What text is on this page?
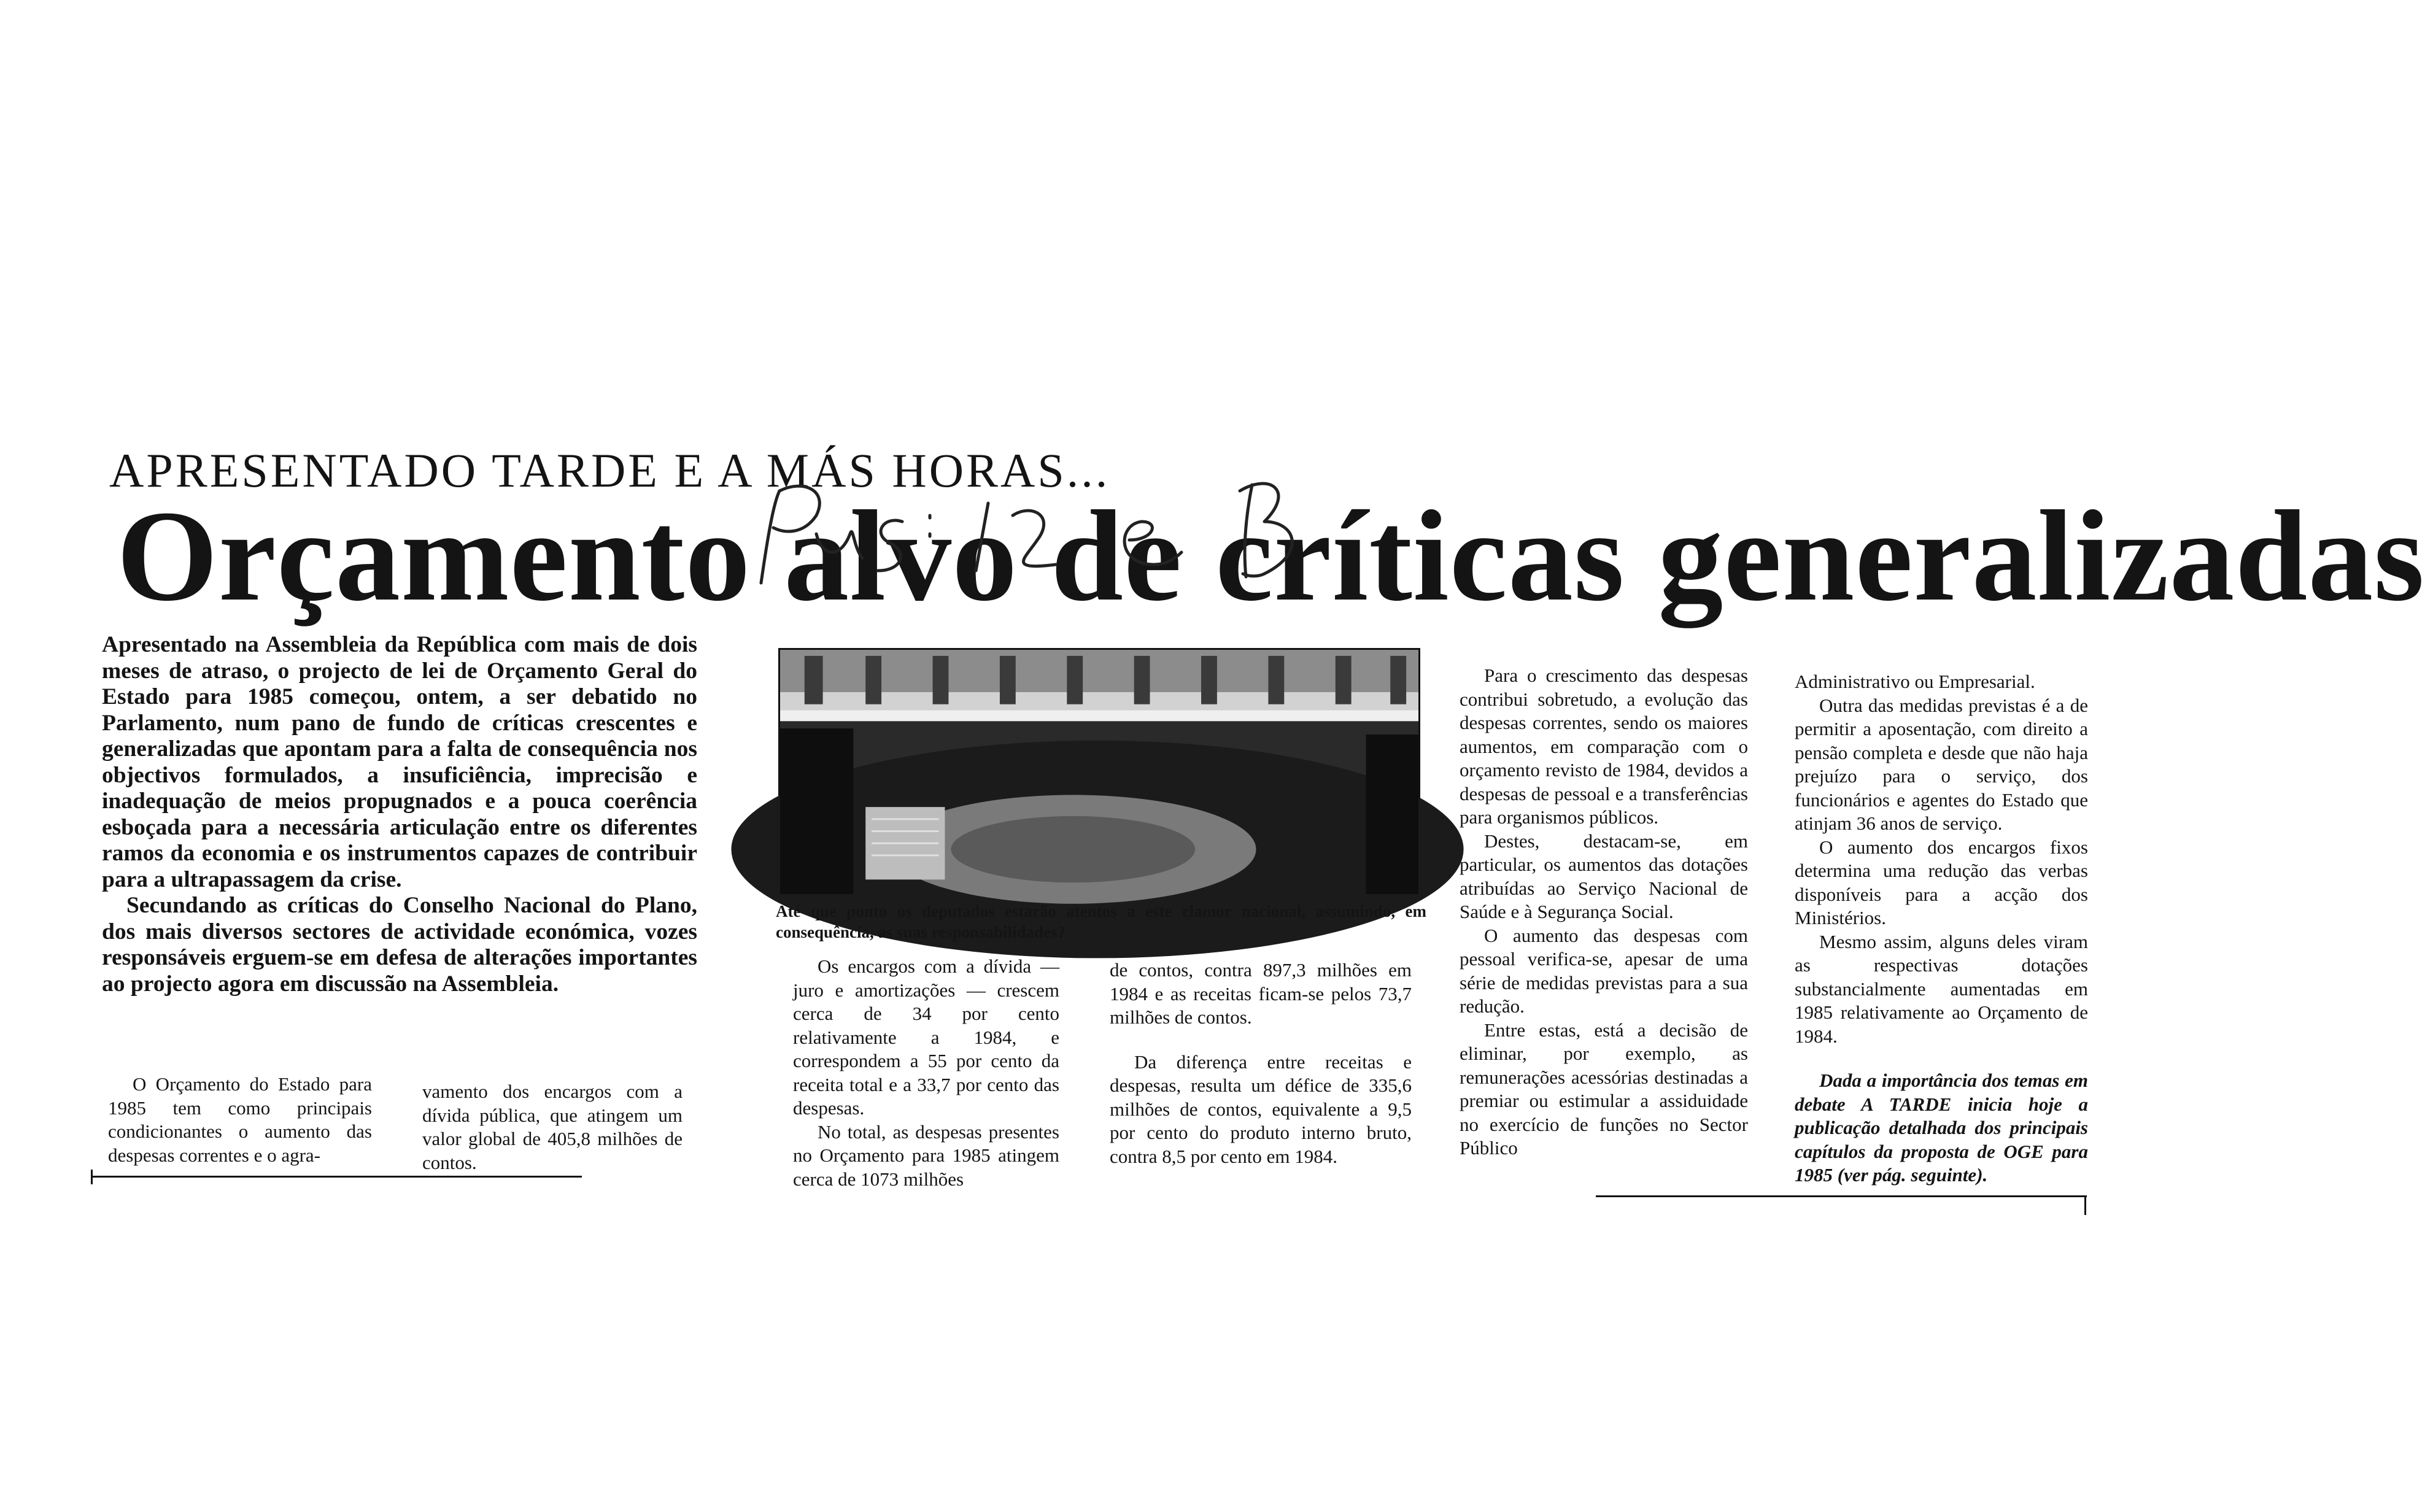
APRESENTADO TARDE E A MÁS HORAS...
Orçamento alvo de críticas generalizadas

Apresentado na Assembleia da República com mais de dois meses de atraso, o projecto de lei de Orçamento Geral do Estado para 1985 começou, ontem, a ser debatido no Parlamento, num pano de fundo de críticas crescentes e generalizadas que apontam para a falta de consequência nos objectivos formulados, a insuficiência, imprecisão e inadequação de meios propugnados e a pouca coerência esboçada para a necessária articulação entre os diferentes ramos da economia e os instrumentos capazes de contribuir para a ultrapassagem da crise.

Secundando as críticas do Conselho Nacional do Plano, dos mais diversos sectores de actividade económica, vozes responsáveis erguem-se em defesa de alterações importantes ao projecto agora em discussão na Assembleia.

O Orçamento do Estado para 1985 tem como principais condicionantes o aumento das despesas correntes e o agra-

vamento dos encargos com a dívida pública, que atingem um valor global de 405,8 milhões de contos.

Até que ponto os deputados estarão atentos a este clamor nacional, assumindo, em consequência, as suas responsabilidades?

Os encargos com a dívida — juro e amortizações — crescem cerca de 34 por cento relativamente a 1984, e correspondem a 55 por cento da receita total e a 33,7 por cento das despesas.

No total, as despesas presentes no Orçamento para 1985 atingem cerca de 1073 milhões

de contos, contra 897,3 milhões em 1984 e as receitas ficam-se pelos 73,7 milhões de contos.

Da diferença entre receitas e despesas, resulta um défice de 335,6 milhões de contos, equivalente a 9,5 por cento do produto interno bruto, contra 8,5 por cento em 1984.

Para o crescimento das despesas contribui sobretudo, a evolução das despesas correntes, sendo os maiores aumentos, em comparação com o orçamento revisto de 1984, devidos a despesas de pessoal e a transferências para organismos públicos.

Destes, destacam-se, em particular, os aumentos das dotações atribuídas ao Serviço Nacional de Saúde e à Segurança Social.

O aumento das despesas com pessoal verifica-se, apesar de uma série de medidas previstas para a sua redução.

Entre estas, está a decisão de eliminar, por exemplo, as remunerações acessórias destinadas a premiar ou estimular a assiduidade no exercício de funções no Sector Público

Administrativo ou Empresarial.

Outra das medidas previstas é a de permitir a aposentação, com direito a pensão completa e desde que não haja prejuízo para o serviço, dos funcionários e agentes do Estado que atinjam 36 anos de serviço.

O aumento dos encargos fixos determina uma redução das verbas disponíveis para a acção dos Ministérios.

Mesmo assim, alguns deles viram as respectivas dotações substancialmente aumentadas em 1985 relativamente ao Orçamento de 1984.

Dada a importância dos temas em debate A TARDE inicia hoje a publicação detalhada dos principais capítulos da proposta de OGE para 1985 (ver pág. seguinte).
